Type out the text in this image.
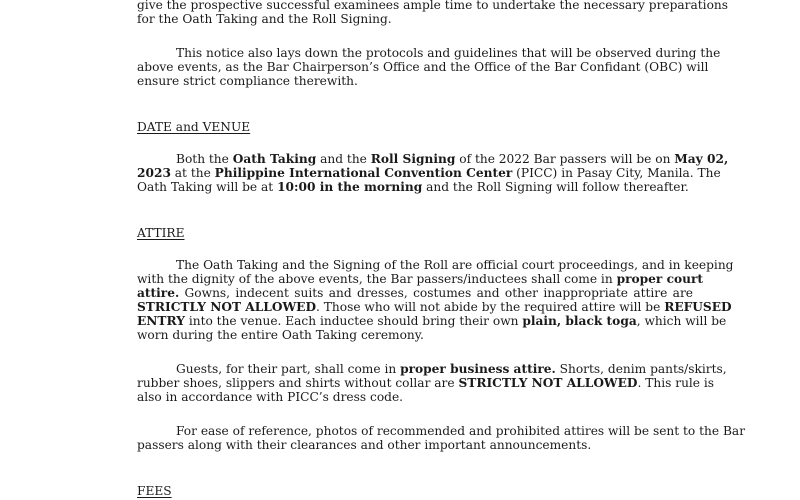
give the prospective successful examinees ample time to undertake the necessary preparations
for the Oath Taking and the Roll Signing.
This notice also lays down the protocols and guidelines that will be observed during the
above events, as the Bar Chairperson’s Office and the Office of the Bar Confidant (OBC) will
ensure strict compliance therewith.
DATE and VENUE
Both the Oath Taking and the Roll Signing of the 2022 Bar passers will be on May 02,
2023 at the Philippine International Convention Center (PICC) in Pasay City, Manila. The
Oath Taking will be at 10:00 in the morning and the Roll Signing will follow thereafter.
ATTIRE
The Oath Taking and the Signing of the Roll are official court proceedings, and in keeping
with the dignity of the above events, the Bar passers/inductees shall come in proper court
attire. Gowns, indecent suits and dresses, costumes and other inappropriate attire are
STRICTLY NOT ALLOWED. Those who will not abide by the required attire will be REFUSED
ENTRY into the venue. Each inductee should bring their own plain, black toga, which will be
worn during the entire Oath Taking ceremony.
Guests, for their part, shall come in proper business attire. Shorts, denim pants/skirts,
rubber shoes, slippers and shirts without collar are STRICTLY NOT ALLOWED. This rule is
also in accordance with PICC’s dress code.
For ease of reference, photos of recommended and prohibited attires will be sent to the Bar
passers along with their clearances and other important announcements.
FEES
